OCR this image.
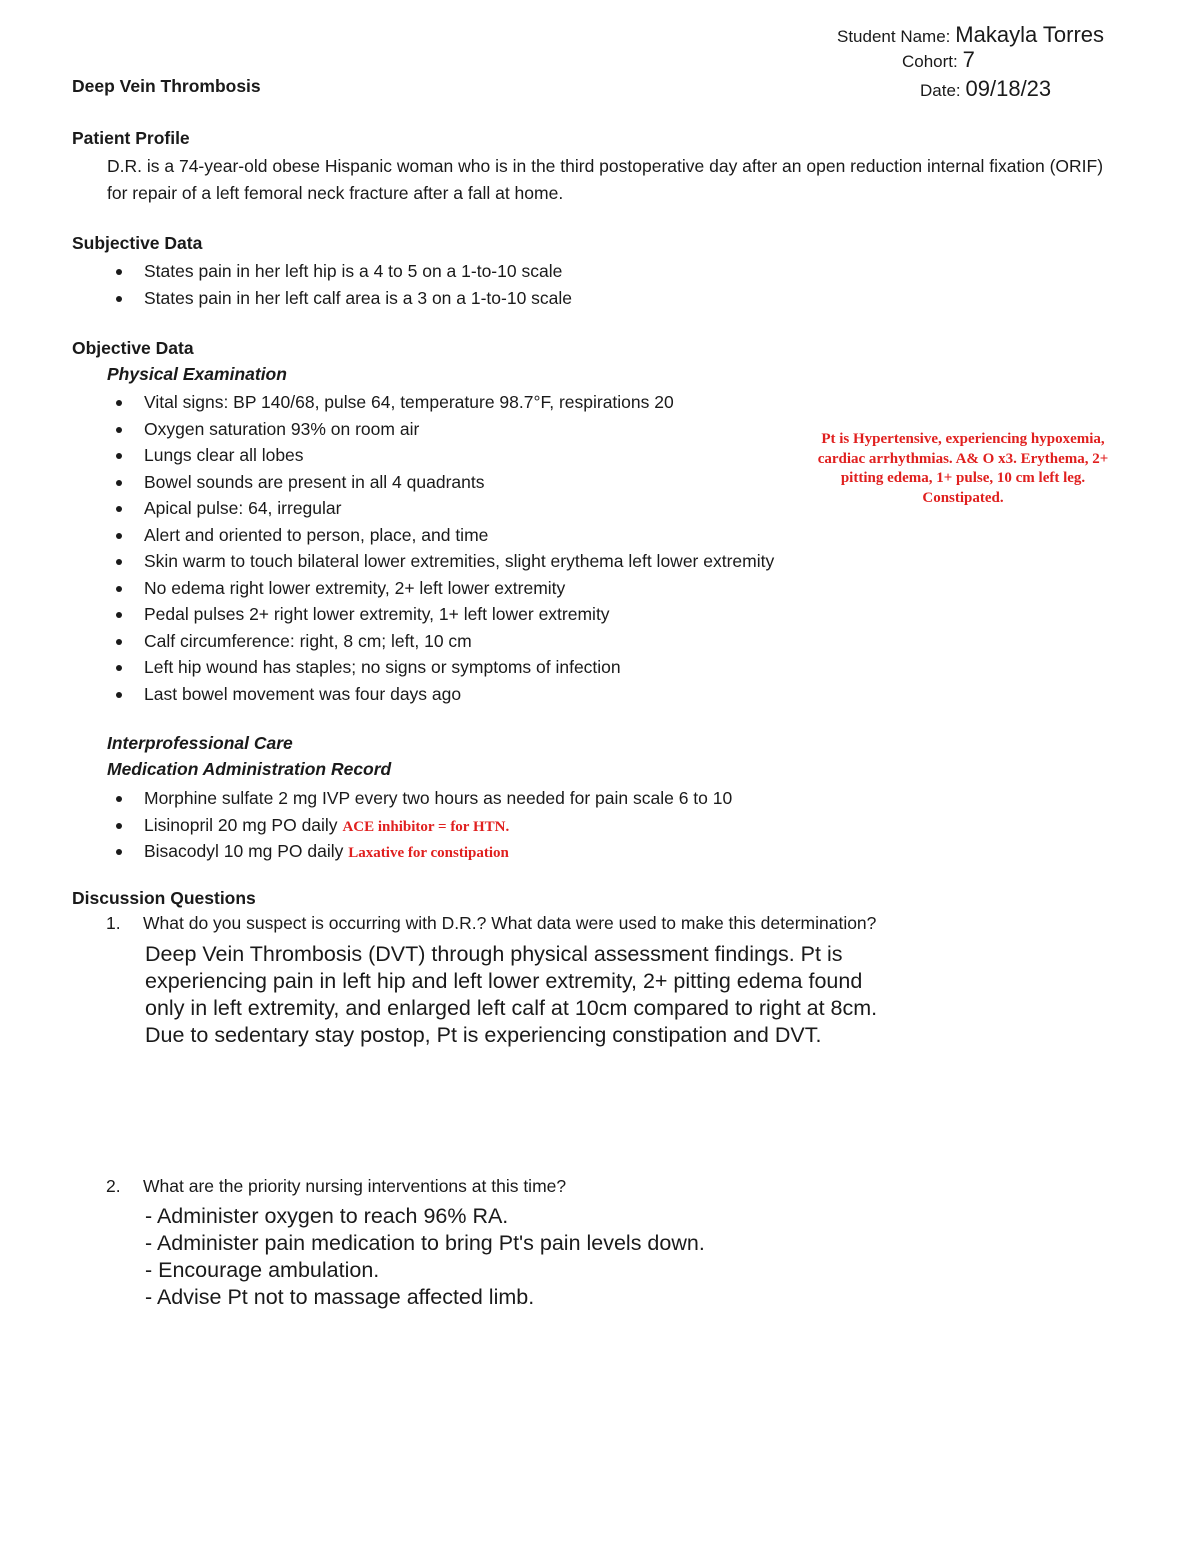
Student Name: Makayla Torres
Cohort: 7
Date: 09/18/23
Deep Vein Thrombosis
Patient Profile
D.R. is a 74-year-old obese Hispanic woman who is in the third postoperative day after an open reduction internal fixation (ORIF) for repair of a left femoral neck fracture after a fall at home.
Subjective Data
States pain in her left hip is a 4 to 5 on a 1-to-10 scale
States pain in her left calf area is a 3 on a 1-to-10 scale
Objective Data
Physical Examination
Vital signs: BP 140/68, pulse 64, temperature 98.7°F, respirations 20
Oxygen saturation 93% on room air
Lungs clear all lobes
Bowel sounds are present in all 4 quadrants
Apical pulse: 64, irregular
Alert and oriented to person, place, and time
Skin warm to touch bilateral lower extremities, slight erythema left lower extremity
No edema right lower extremity, 2+ left lower extremity
Pedal pulses 2+ right lower extremity, 1+ left lower extremity
Calf circumference: right, 8 cm; left, 10 cm
Left hip wound has staples; no signs or symptoms of infection
Last bowel movement was four days ago
Pt is Hypertensive, experiencing hypoxemia, cardiac arrhythmias. A& O x3. Erythema, 2+ pitting edema, 1+ pulse, 10 cm left leg. Constipated.
Interprofessional Care
Medication Administration Record
Morphine sulfate 2 mg IVP every two hours as needed for pain scale 6 to 10
Lisinopril 20 mg PO daily ACE inhibitor = for HTN.
Bisacodyl 10 mg PO daily Laxative for constipation
Discussion Questions
1. What do you suspect is occurring with D.R.? What data were used to make this determination?
Deep Vein Thrombosis (DVT) through physical assessment findings. Pt is
experiencing pain in left hip and left lower extremity, 2+ pitting edema found
only in left extremity, and enlarged left calf at 10cm compared to right at 8cm.
Due to sedentary stay postop, Pt is experiencing constipation and DVT.
2. What are the priority nursing interventions at this time?
- Administer oxygen to reach 96% RA.
- Administer pain medication to bring Pt's pain levels down.
- Encourage ambulation.
- Advise Pt not to massage affected limb.
